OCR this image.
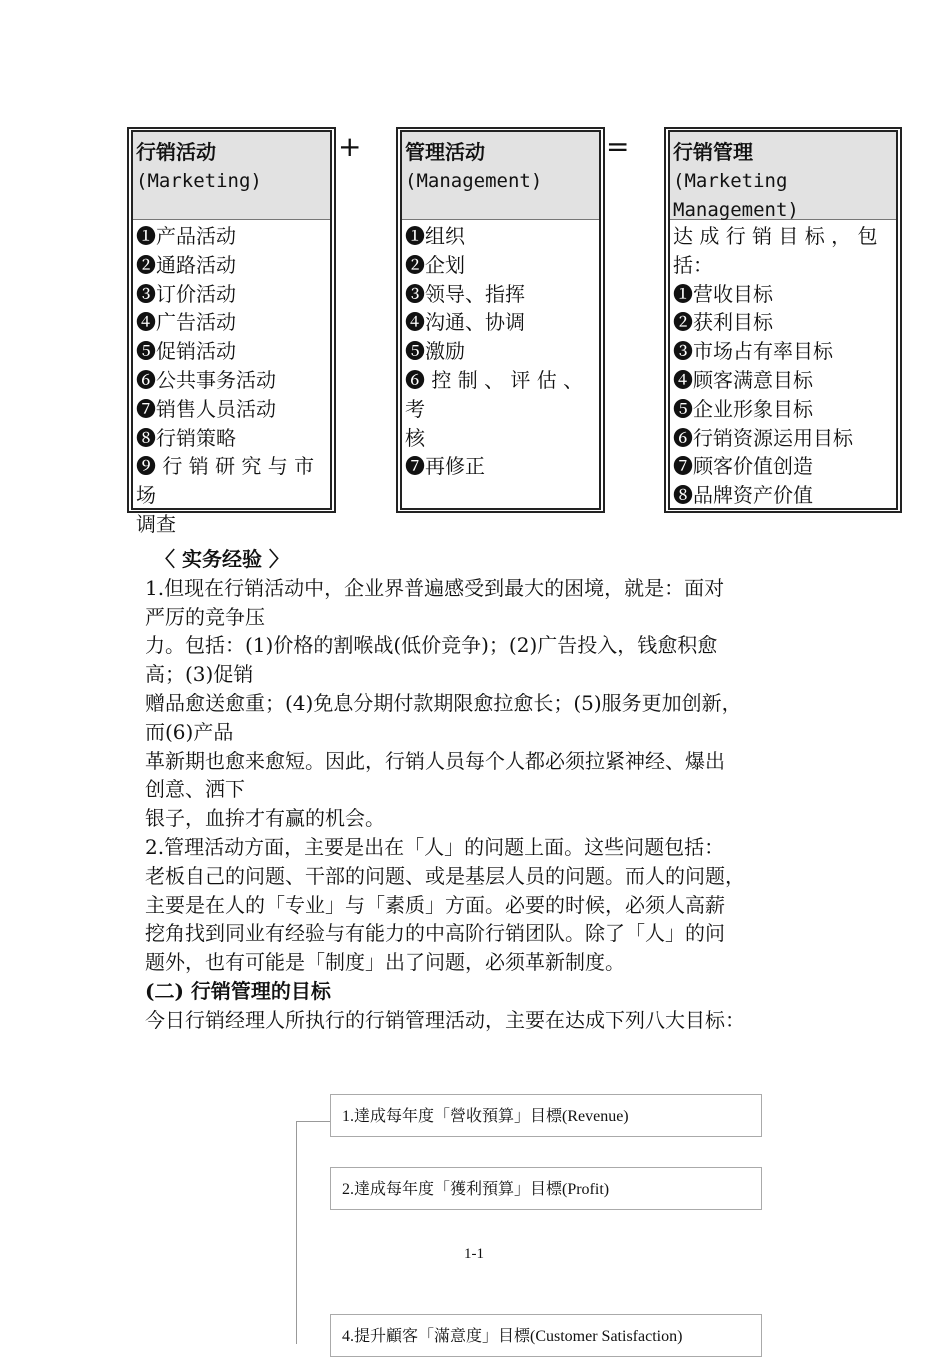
行销活动
(Marketing)
❶产品活动
❷通路活动
❸订价活动
❹广告活动
❺促销活动
❻公共事务活动
❼销售人员活动
❽行销策略
❾ 行 销 研 究 与 市 场
调查
+ 管理活动
(Management)
❶组织
❷企划
❸领导、指挥
❹沟通、协调
❺激励
❻ 控 制 、 评 估 、 考
核
❼再修正
= 行销管理
(Marketing
Management)
达 成 行 销 目 标 ， 包
括：
❶营收目标
❷获利目标
❸市场占有率目标
❹顾客满意目标
❺企业形象目标
❻行销资源运用目标
❼顾客价值创造
❽品牌资产价值
〈 实务经验 〉
1.但现在行销活动中，企业界普遍感受到最大的困境，就是：面对
严厉的竞争压
力。包括：(1)价格的割喉战(低价竞争)；(2)广告投入，钱愈积愈
高；(3)促销
赠品愈送愈重；(4)免息分期付款期限愈拉愈长；(5)服务更加创新，
而(6)产品
革新期也愈来愈短。因此，行销人员每个人都必须拉紧神经、爆出
创意、洒下
银子，血拚才有赢的机会。
2.管理活动方面，主要是出在「人」的问题上面。这些问题包括：
老板自己的问题、干部的问题、或是基层人员的问题。而人的问题，
主要是在人的「专业」与「素质」方面。必要的时候，必须人高薪
挖角找到同业有经验与有能力的中高阶行销团队。除了「人」的问
题外，也有可能是「制度」出了问题，必须革新制度。
(二) 行销管理的目标
今日行销经理人所执行的行销管理活动，主要在达成下列八大目标：
1.達成每年度「營收預算」目標(Revenue)
2.達成每年度「獲利預算」目標(Profit)
1-1
4.提升顧客「滿意度」目標(Customer Satisfaction)
